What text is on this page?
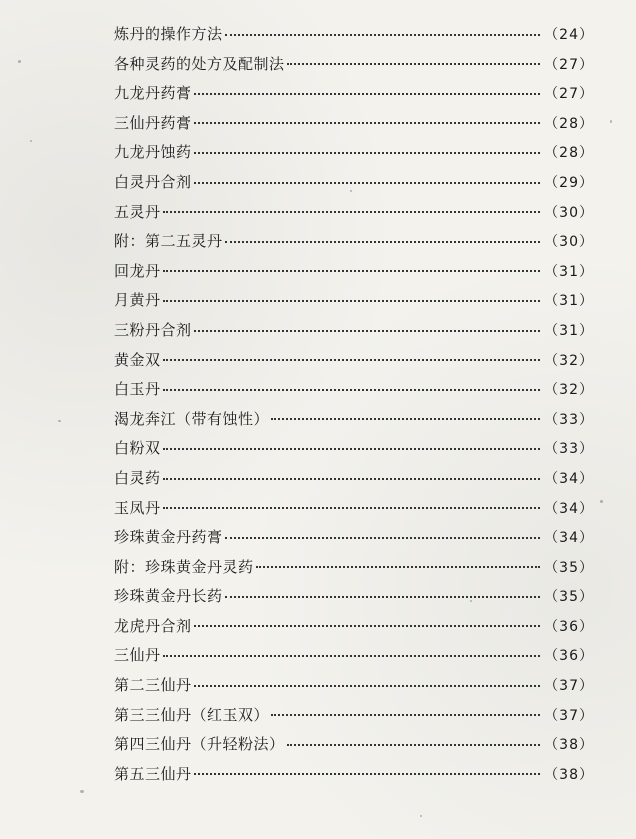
炼丹的操作方法	（24）
各种灵药的处方及配制法	（27）
九龙丹药膏	（27）
三仙丹药膏	（28）
九龙丹蚀药	（28）
白灵丹合剂	（29）
五灵丹	（30）
附：第二五灵丹	（30）
回龙丹	（31）
月黄丹	（31）
三粉丹合剂	（31）
黄金双	（32）
白玉丹	（32）
渴龙奔江（带有蚀性）	（33）
白粉双	（33）
白灵药	（34）
玉凤丹	（34）
珍珠黄金丹药膏	（34）
附：珍珠黄金丹灵药	（35）
珍珠黄金丹长药	（35）
龙虎丹合剂	（36）
三仙丹	（36）
第二三仙丹	（37）
第三三仙丹（红玉双）	（37）
第四三仙丹（升轻粉法）	（38）
第五三仙丹	（38）
